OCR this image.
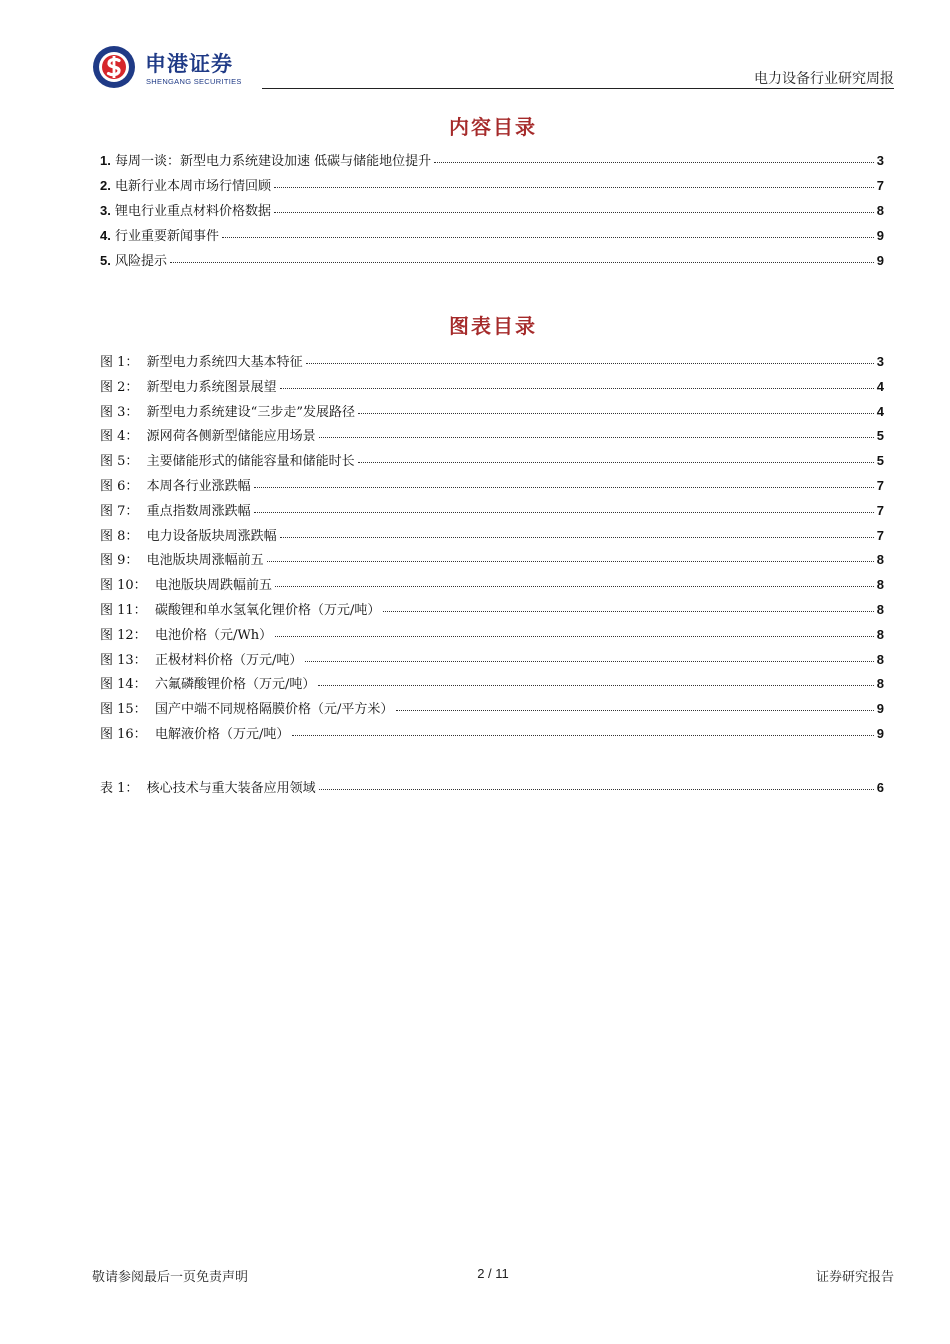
申港证券
SHENGANG SECURITIES	电力设备行业研究周报
内容目录
1. 每周一谈：新型电力系统建设加速 低碳与储能地位提升	3
2. 电新行业本周市场行情回顾	7
3. 锂电行业重点材料价格数据	8
4. 行业重要新闻事件	9
5. 风险提示	9
图表目录
图 1： 新型电力系统四大基本特征	3
图 2： 新型电力系统图景展望	4
图 3： 新型电力系统建设“三步走”发展路径	4
图 4： 源网荷各侧新型储能应用场景	5
图 5： 主要储能形式的储能容量和储能时长	5
图 6： 本周各行业涨跌幅	7
图 7： 重点指数周涨跌幅	7
图 8： 电力设备版块周涨跌幅	7
图 9： 电池版块周涨幅前五	8
图 10： 电池版块周跌幅前五	8
图 11： 碳酸锂和单水氢氧化锂价格（万元/吨）	8
图 12： 电池价格（元/Wh）	8
图 13： 正极材料价格（万元/吨）	8
图 14： 六氟磷酸锂价格（万元/吨）	8
图 15： 国产中端不同规格隔膜价格（元/平方米）	9
图 16： 电解液价格（万元/吨）	9
表 1： 核心技术与重大装备应用领域	6
敬请参阅最后一页免责声明	2 / 11	证券研究报告
